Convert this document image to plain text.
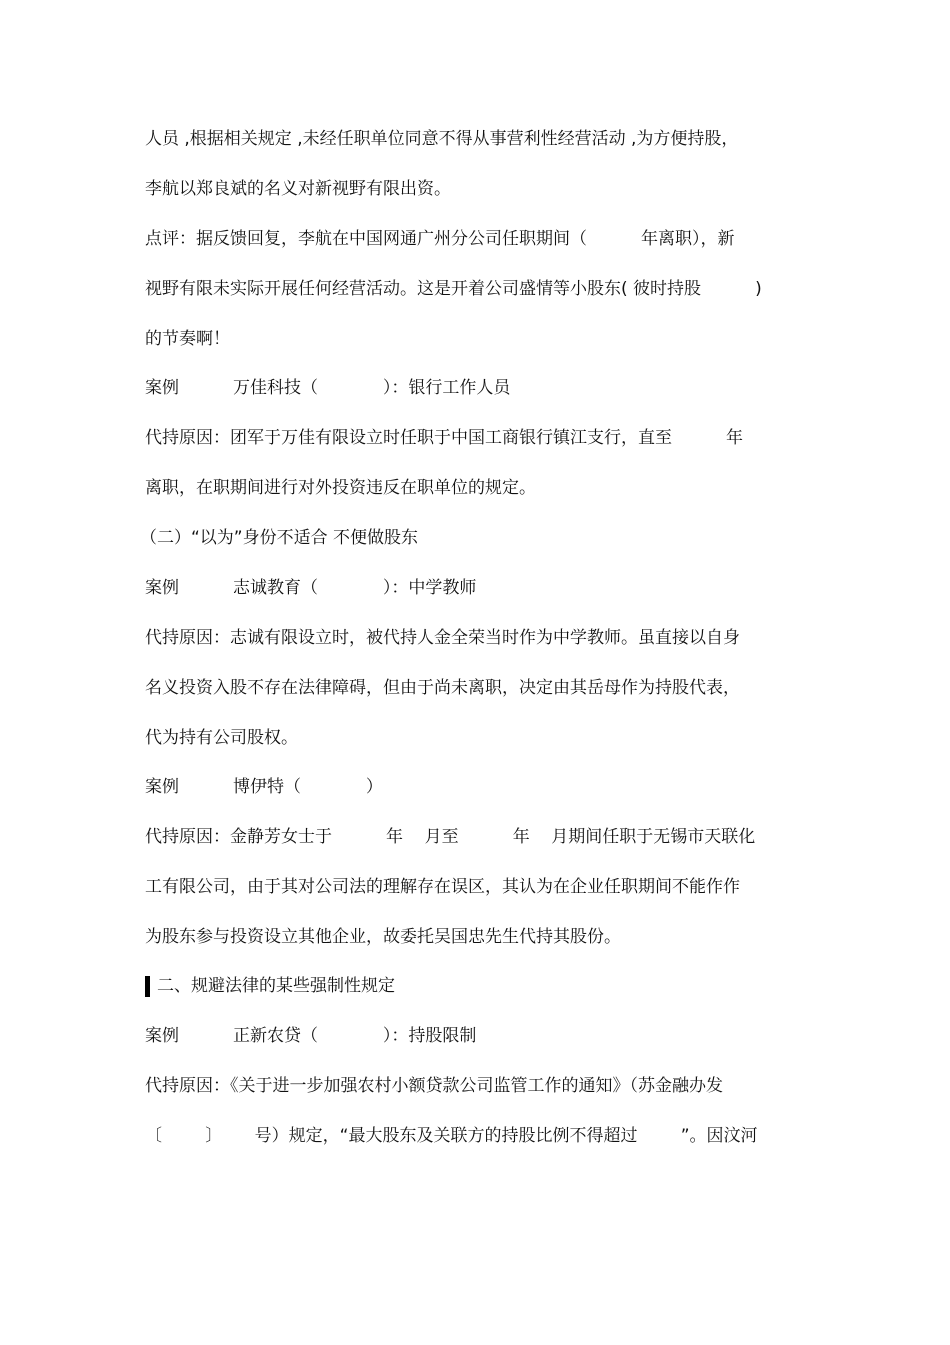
人员 ,根据相关规定 ,未经任职单位同意不得从事营利性经营活动 ,为方便持股，
李航以郑良斌的名义对新视野有限出资。
点评：据反馈回复，李航在中国网通广州分公司任职期间（          年离职），新
视野有限未实际开展任何经营活动。这是开着公司盛情等小股东( 彼时持股          )
的节奏啊！
案例          万佳科技（            ）：银行工作人员
代持原因：团军于万佳有限设立时任职于中国工商银行镇江支行，直至          年
离职，在职期间进行对外投资违反在职单位的规定。
（二）“以为”身份不适合 不便做股东
案例          志诚教育（            ）：中学教师
代持原因：志诚有限设立时，被代持人金全荣当时作为中学教师。虽直接以自身
名义投资入股不存在法律障碍，但由于尚未离职，决定由其岳母作为持股代表，
代为持有公司股权。
案例          博伊特（            ）
代持原因：金静芳女士于          年    月至          年    月期间任职于无锡市天联化
工有限公司，由于其对公司法的理解存在误区，其认为在企业任职期间不能作作
为股东参与投资设立其他企业，故委托吴国忠先生代持其股份。
二、规避法律的某些强制性规定
案例          正新农贷（            ）：持股限制
代持原因：《关于进一步加强农村小额贷款公司监管工作的通知》（苏金融办发
〔        〕      号）规定，“最大股东及关联方的持股比例不得超过        ”。因汶河
